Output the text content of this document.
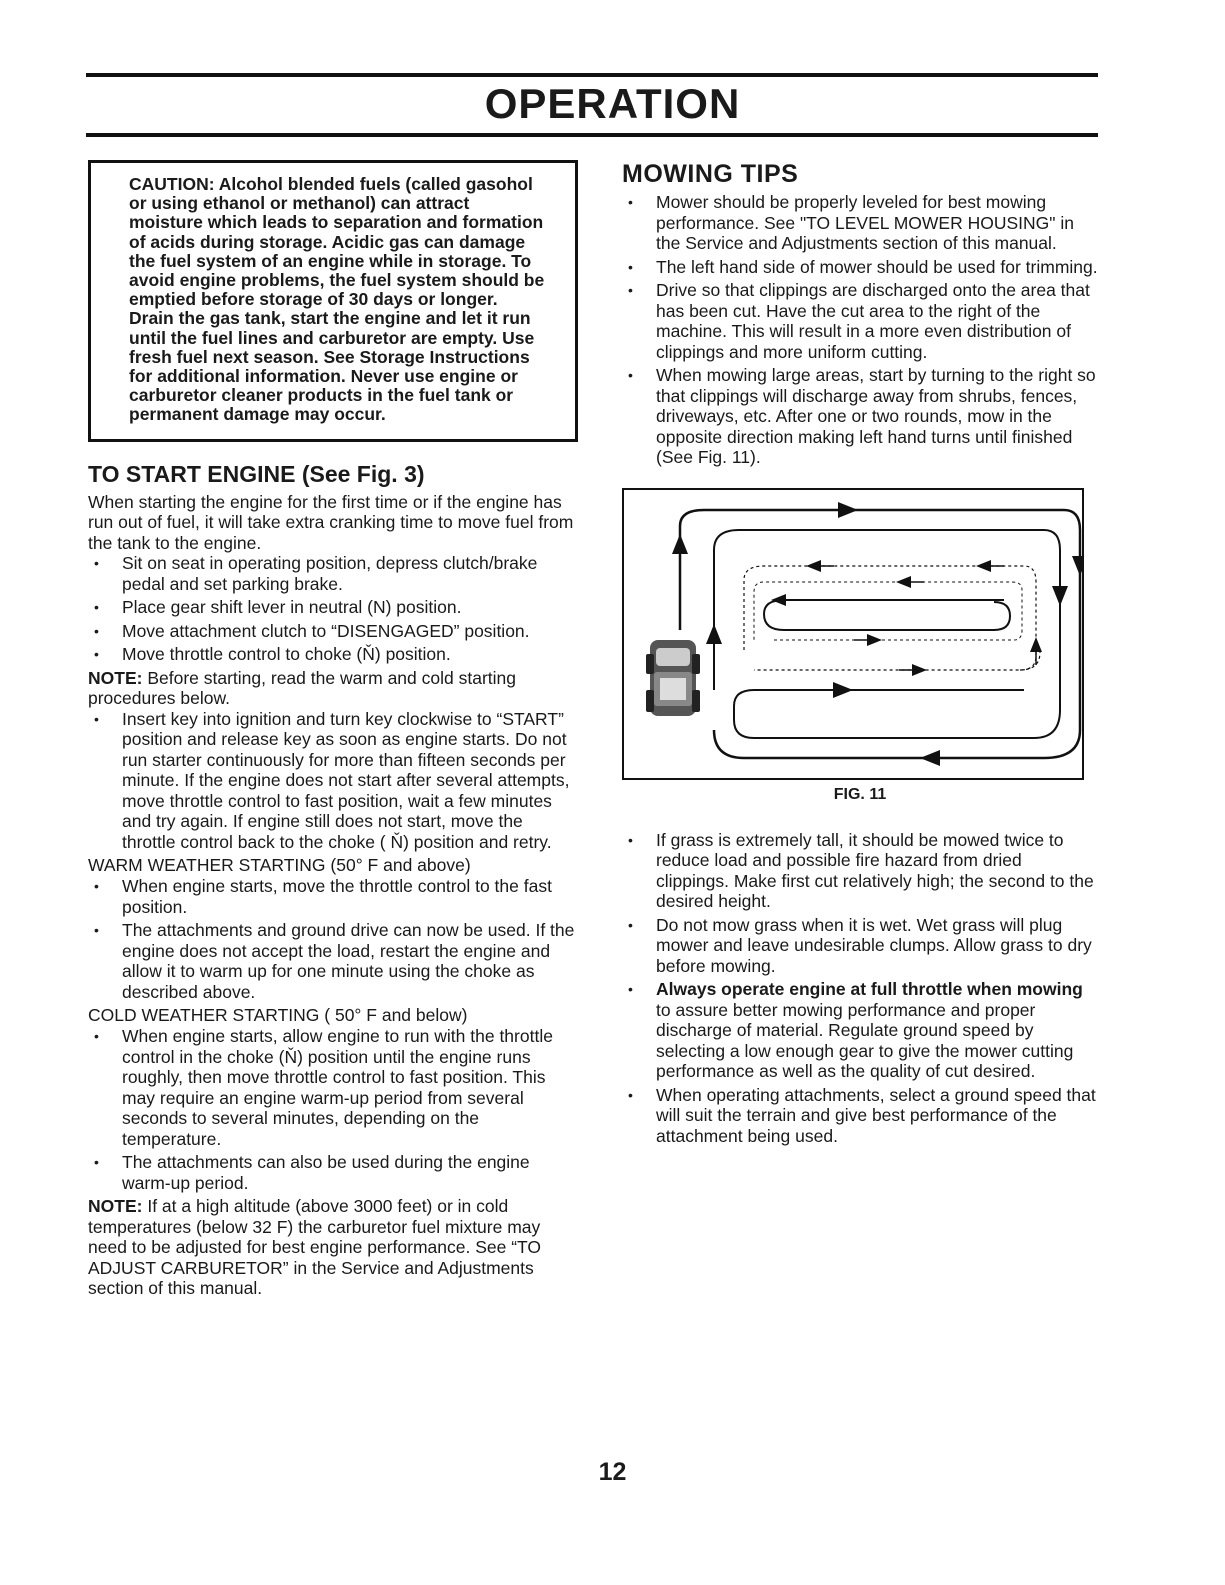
OPERATION

CAUTION: Alcohol blended fuels (called gasohol or using ethanol or methanol) can attract moisture which leads to separation and formation of acids during storage. Acidic gas can damage the fuel system of an engine while in storage. To avoid engine problems, the fuel system should be emptied before storage of 30 days or longer. Drain the gas tank, start the engine and let it run until the fuel lines and carburetor are empty. Use fresh fuel next season. See Storage Instructions for additional information. Never use engine or carburetor cleaner products in the fuel tank or permanent damage may occur.

TO START ENGINE (See Fig. 3)

When starting the engine for the first time or if the engine has run out of fuel, it will take extra cranking time to move fuel from the tank to the engine.

• Sit on seat in operating position, depress clutch/brake pedal and set parking brake.
• Place gear shift lever in neutral (N) position.
• Move attachment clutch to “DISENGAGED” position.
• Move throttle control to choke (Ň) position.

NOTE: Before starting, read the warm and cold starting procedures below.

• Insert key into ignition and turn key clockwise to “START” position and release key as soon as engine starts. Do not run starter continuously for more than fifteen seconds per minute. If the engine does not start after several attempts, move throttle control to fast position, wait a few minutes and try again. If engine still does not start, move the throttle control back to the choke ( Ň) position and retry.
WARM WEATHER STARTING (50° F and above)
• When engine starts, move the throttle control to the fast position.
• The attachments and ground drive can now be used. If the engine does not accept the load, restart the engine and allow it to warm up for one minute using the choke as described above.
COLD WEATHER STARTING ( 50° F and below)
• When engine starts, allow engine to run with the throttle control in the choke (Ň) position until the engine runs roughly, then move throttle control to fast position. This may require an engine warm-up period from several seconds to several minutes, depending on the temperature.
• The attachments can also be used during the engine warm-up period.

NOTE: If at a high altitude (above 3000 feet) or in cold temperatures (below 32 F) the carburetor fuel mixture may need to be adjusted for best engine performance. See “TO ADJUST CARBURETOR” in the Service and Adjustments section of this manual.

MOWING TIPS
• Mower should be properly leveled for best mowing performance. See "TO LEVEL MOWER HOUSING" in the Service and Adjustments section of this manual.
• The left hand side of mower should be used for trimming.
• Drive so that clippings are discharged onto the area that has been cut. Have the cut area to the right of the machine. This will result in a more even distribution of clippings and more uniform cutting.
• When mowing large areas, start by turning to the right so that clippings will discharge away from shrubs, fences, driveways, etc. After one or two rounds, mow in the opposite direction making left hand turns until finished (See Fig. 11).
FIG. 11
• If grass is extremely tall, it should be mowed twice to reduce load and possible fire hazard from dried clippings. Make first cut relatively high; the second to the desired height.
• Do not mow grass when it is wet. Wet grass will plug mower and leave undesirable clumps. Allow grass to dry before mowing.
• Always operate engine at full throttle when mowing to assure better mowing performance and proper discharge of material. Regulate ground speed by selecting a low enough gear to give the mower cutting performance as well as the quality of cut desired.
• When operating attachments, select a ground speed that will suit the terrain and give best performance of the attachment being used.
12
